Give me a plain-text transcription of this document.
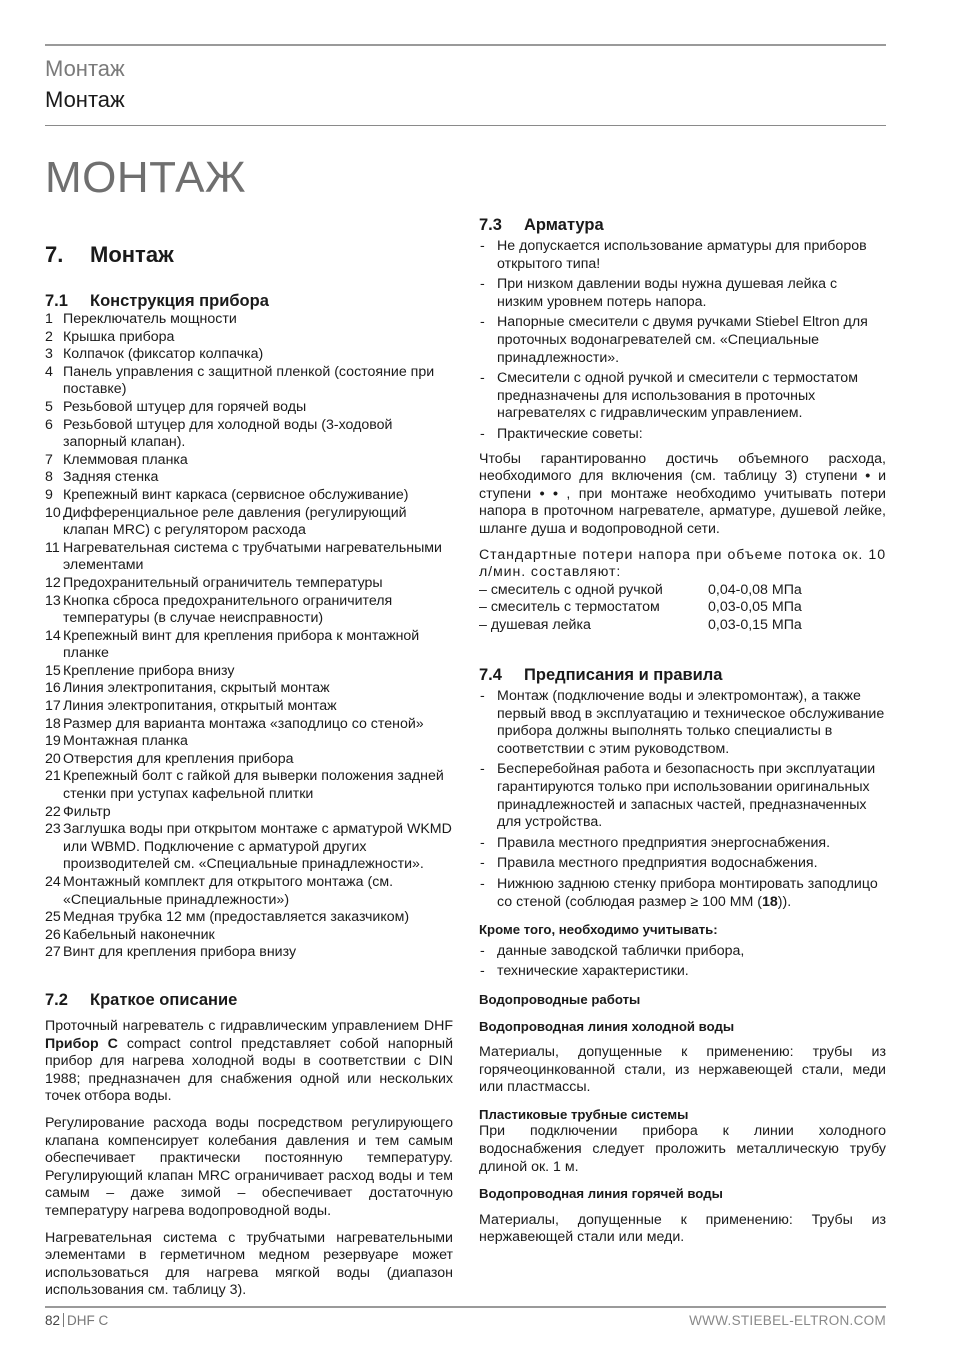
Монтаж
Монтаж
МОНТАЖ
7. Монтаж
7.1 Конструкция прибора
1 Переключатель мощности
2 Крышка прибора
3 Колпачок (фиксатор колпачка)
4 Панель управления с защитной пленкой (состояние при поставке)
5 Резьбовой штуцер для горячей воды
6 Резьбовой штуцер для холодной воды (3-ходовой запорный клапан).
7 Клеммовая планка
8 Задняя стенка
9 Крепежный винт каркаса (сервисное обслуживание)
10 Дифференциальное реле давления (регулирующий клапан MRC) с регулятором расхода
11 Нагревательная система с трубчатыми нагревательными элементами
12 Предохранительный ограничитель температуры
13 Кнопка сброса предохранительного ограничителя температуры (в случае неисправности)
14 Крепежный винт для крепления прибора к монтажной планке
15 Крепление прибора внизу
16 Линия электропитания, скрытый монтаж
17 Линия электропитания, открытый монтаж
18 Размер для варианта монтажа «заподлицо со стеной»
19 Монтажная планка
20 Отверстия для крепления прибора
21 Крепежный болт с гайкой для выверки положения задней стенки при уступах кафельной плитки
22 Фильтр
23 Заглушка воды при открытом монтаже с арматурой WKMD или WBMD. Подключение с арматурой других производителей см. «Специальные принадлежности».
24 Монтажный комплект для открытого монтажа (см. «Специальные принадлежности»)
25 Медная трубка 12 мм (предоставляется заказчиком)
26 Кабельный наконечник
27 Винт для крепления прибора внизу
7.2 Краткое описание

Проточный нагреватель с гидравлическим управлением DHF Прибор C compact control представляет собой напорный прибор для нагрева холодной воды в соответствии с DIN 1988; предназначен для снабжения одной или нескольких точек отбора воды.

Регулирование расхода воды посредством регулирующего клапана компенсирует колебания давления и тем самым обеспечивает практически постоянную температуру. Регулирующий клапан MRC ограничивает расход воды и тем самым – даже зимой – обеспечивает достаточную температуру нагрева водопроводной воды.

Нагревательная система с трубчатыми нагревательными элементами в герметичном медном резервуаре может использоваться для нагрева мягкой воды (диапазон использования см. таблицу 3).

7.3 Арматура
- Не допускается использование арматуры для приборов открытого типа!
- При низком давлении воды нужна душевая лейка с низким уровнем потерь напора.
- Напорные смесители с двумя ручками Stiebel Eltron для проточных водонагревателей см. «Специальные принадлежности».
- Смесители с одной ручкой и смесители с термостатом предназначены для использования в проточных нагревателях с гидравлическим управлением.
- Практические советы:

Чтобы гарантированно достичь объемного расхода, необходимого для включения (см. таблицу 3) ступени • и ступени • • , при монтаже необходимо учитывать потери напора в проточном нагревателе, арматуре, душевой лейке, шланге душа и водопроводной сети.

Стандартные потери напора при объеме потока ок. 10 л/мин. составляют:

– смеситель с одной ручкой	0,04-0,08 МПа
– смеситель с термостатом	0,03-0,05 МПа
– душевая лейка	0,03-0,15 МПа
7.4 Предписания и правила
- Монтаж (подключение воды и электромонтаж), а также первый ввод в эксплуатацию и техническое обслуживание прибора должны выполнять только специалисты в соответствии с этим руководством.
- Бесперебойная работа и безопасность при эксплуатации гарантируются только при использовании оригинальных принадлежностей и запасных частей, предназначенных для устройства.
- Правила местного предприятия энергоснабжения.
- Правила местного предприятия водоснабжения.
- Нижнюю заднюю стенку прибора монтировать заподлицо со стеной (соблюдая размер ≥ 100 ММ (18)).

Кроме того, необходимо учитывать:

- данные заводской таблички прибора,
- технические характеристики.

Водопроводные работы

Водопроводная линия холодной воды

Материалы, допущенные к применению: трубы из горячеоцинкованной стали, из нержавеющей стали, меди или пластмассы.

Пластиковые трубные системы

При подключении прибора к линии холодного водоснабжения следует проложить металлическую трубу длиной ок. 1 м.

Водопроводная линия горячей воды

Материалы, допущенные к применению: Трубы из нержавеющей стали или меди.

82 DHF C	WWW.STIEBEL-ELTRON.COM
